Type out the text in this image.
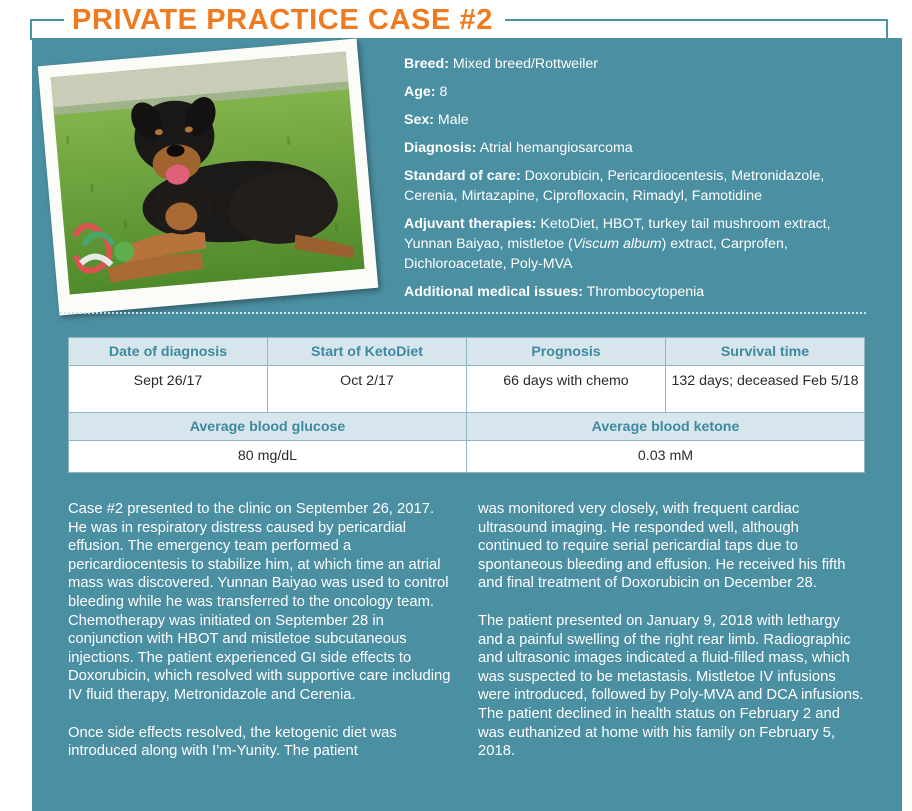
PRIVATE PRACTICE CASE #2

Breed: Mixed breed/Rottweiler

Age: 8

Sex: Male

Diagnosis: Atrial hemangiosarcoma

Standard of care: Doxorubicin, Pericardiocentesis, Metronidazole, Cerenia, Mirtazapine, Ciprofloxacin, Rimadyl, Famotidine

Adjuvant therapies: KetoDiet, HBOT, turkey tail mushroom extract, Yunnan Baiyao, mistletoe (Viscum album) extract, Carprofen, Dichloroacetate, Poly-MVA

Additional medical issues: Thrombocytopenia

Date of diagnosis	Start of KetoDiet	Prognosis	Survival time
Sept 26/17	Oct 2/17	66 days with chemo	132 days; deceased Feb 5/18
Average blood glucose		Average blood ketone	
80 mg/dL		0.03 mM	

Case #2 presented to the clinic on September 26, 2017. He was in respiratory distress caused by pericardial effusion. The emergency team performed a pericardiocentesis to stabilize him, at which time an atrial mass was discovered. Yunnan Baiyao was used to control bleeding while he was transferred to the oncology team. Chemotherapy was initiated on September 28 in conjunction with HBOT and mistletoe subcutaneous injections. The patient experienced GI side effects to Doxorubicin, which resolved with supportive care including IV fluid therapy, Metronidazole and Cerenia.

Once side effects resolved, the ketogenic diet was introduced along with I’m-Yunity. The patient

was monitored very closely, with frequent cardiac ultrasound imaging. He responded well, although continued to require serial pericardial taps due to spontaneous bleeding and effusion. He received his fifth and final treatment of Doxorubicin on December 28.

The patient presented on January 9, 2018 with lethargy and a painful swelling of the right rear limb. Radiographic and ultrasonic images indicated a fluid-filled mass, which was suspected to be metastasis. Mistletoe IV infusions were introduced, followed by Poly-MVA and DCA infusions. The patient declined in health status on February 2 and was euthanized at home with his family on February 5, 2018.
